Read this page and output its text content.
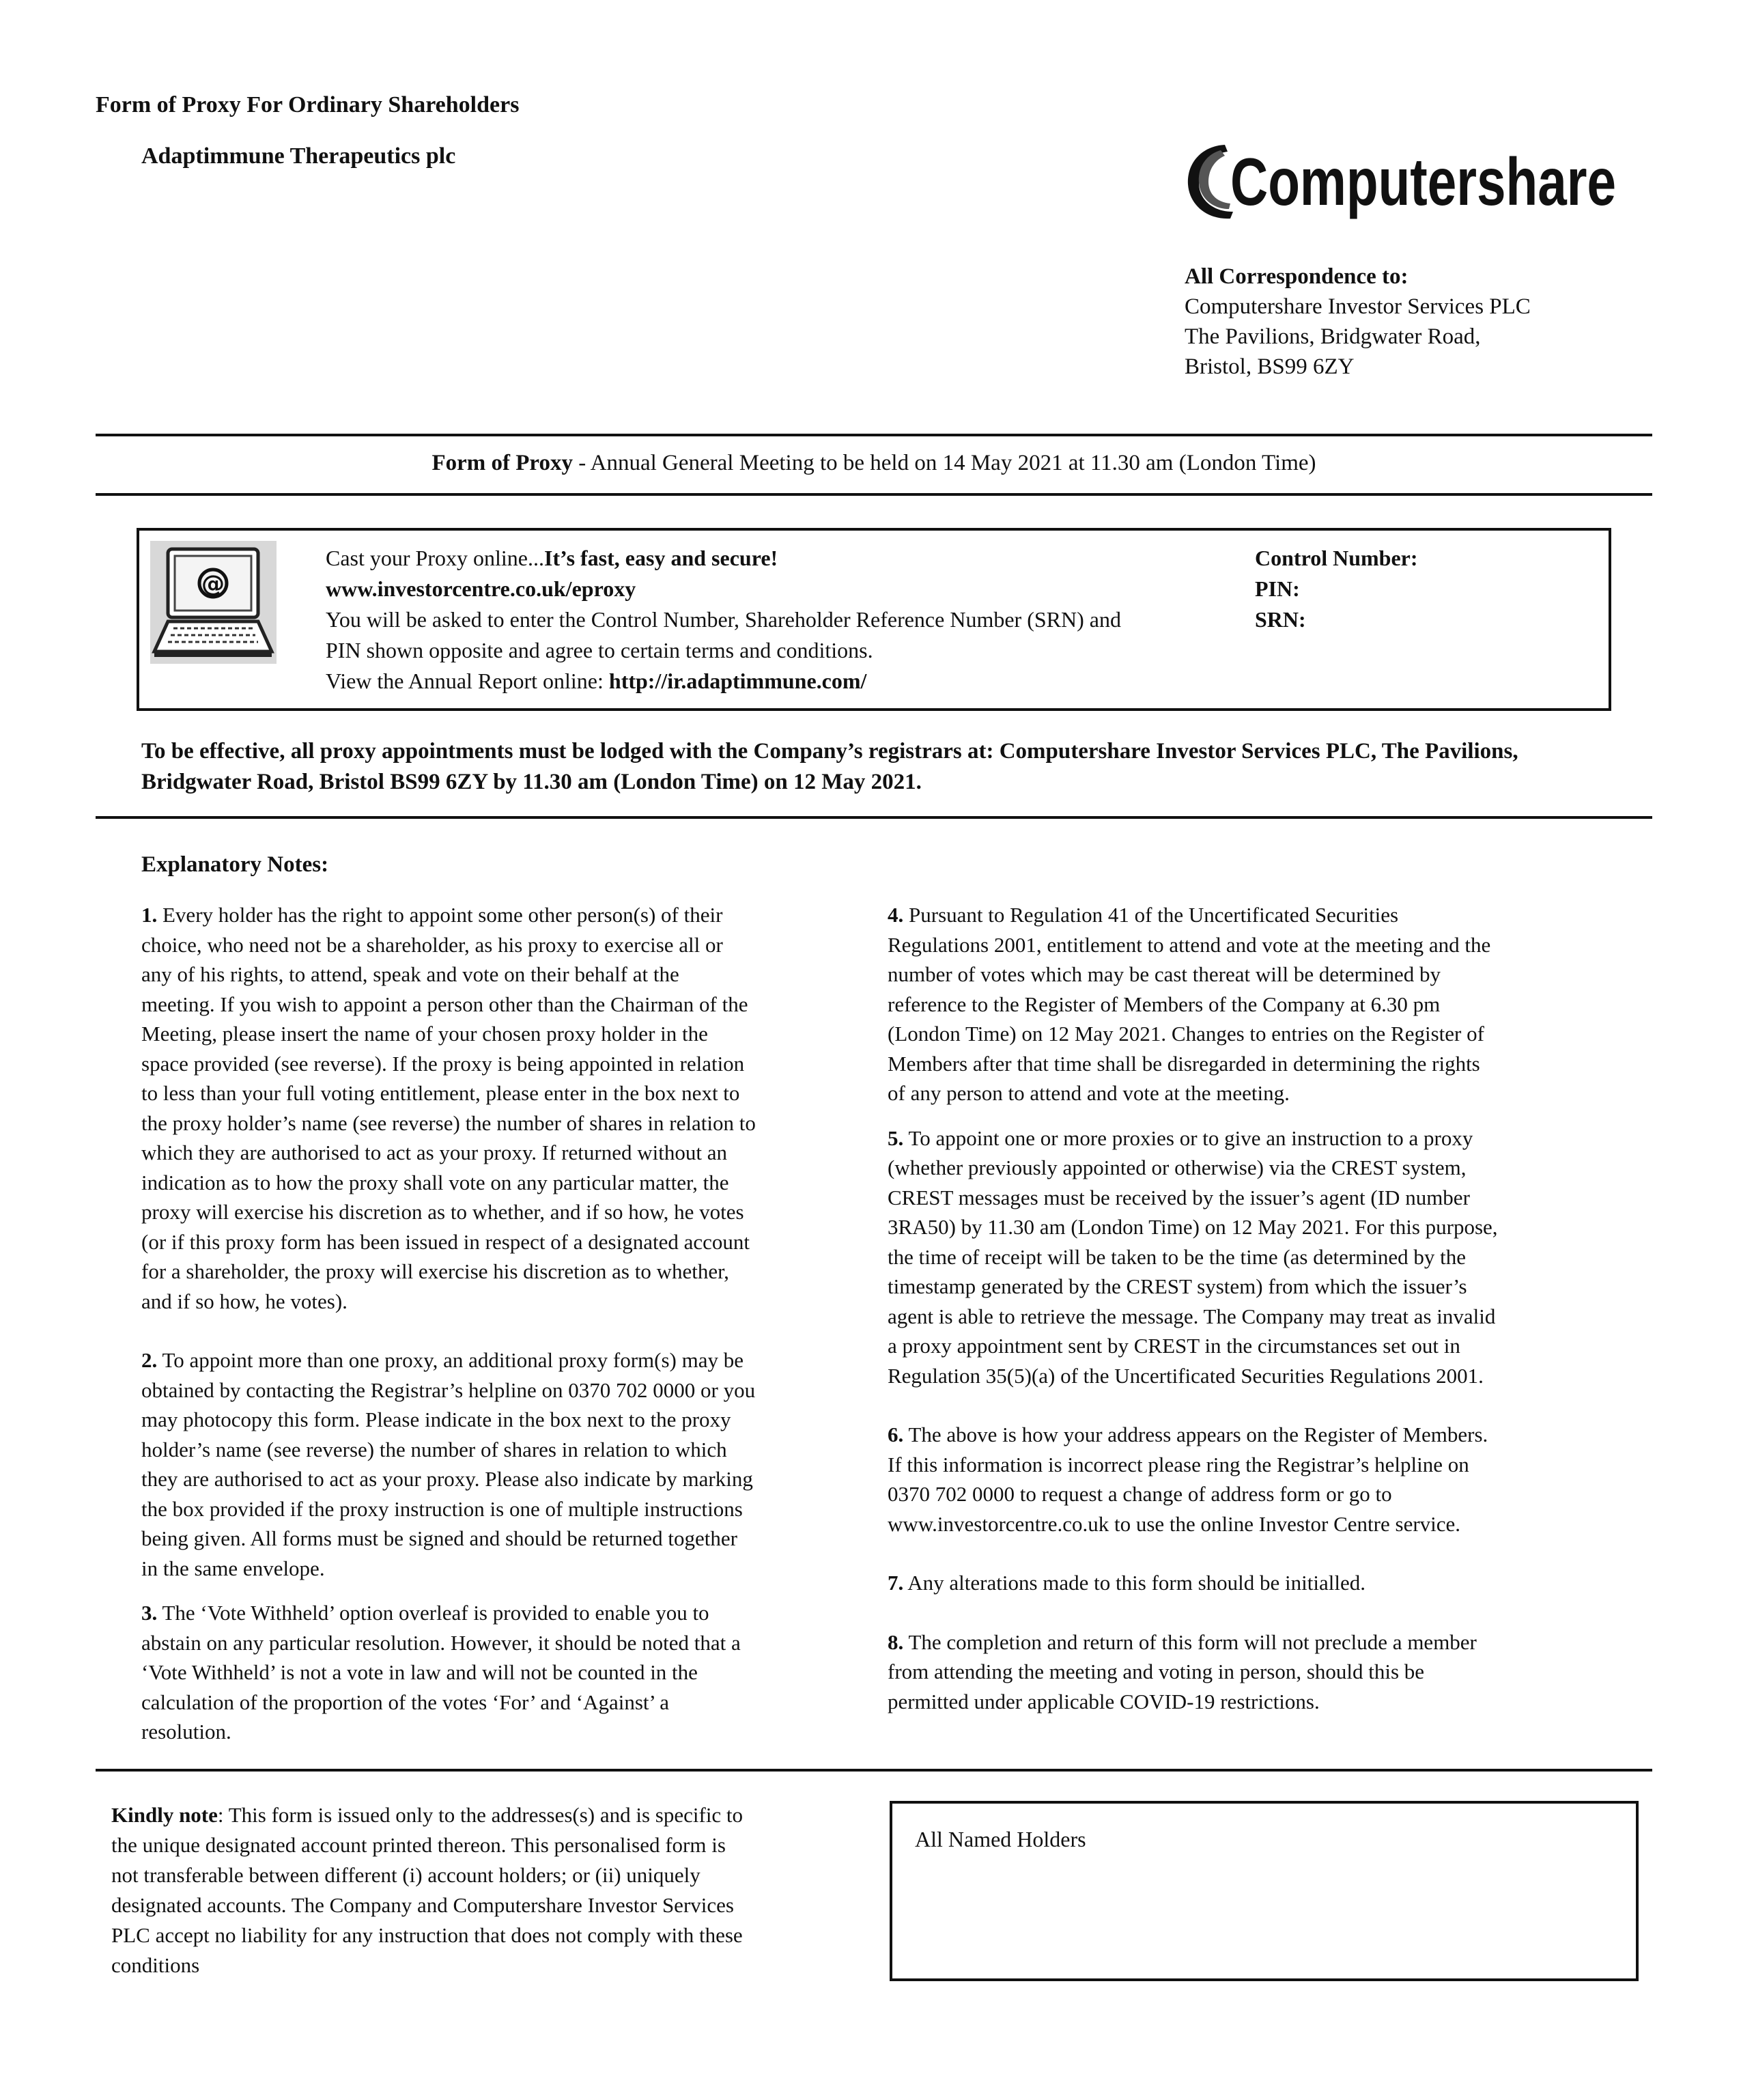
Form of Proxy For Ordinary Shareholders
Adaptimmune Therapeutics plc	Computershare
All Correspondence to:
Computershare Investor Services PLC
The Pavilions, Bridgwater Road,
Bristol, BS99 6ZY
Form of Proxy - Annual General Meeting to be held on 14 May 2021 at 11.30 am (London Time)
@
Cast your Proxy online...It’s fast, easy and secure!
www.investorcentre.co.uk/eproxy
You will be asked to enter the Control Number, Shareholder Reference Number (SRN) and
PIN shown opposite and agree to certain terms and conditions.
View the Annual Report online: http://ir.adaptimmune.com/
Control Number:
PIN:
SRN:
To be effective, all proxy appointments must be lodged with the Company’s registrars at: Computershare Investor Services PLC, The Pavilions,
Bridgwater Road, Bristol BS99 6ZY by 11.30 am (London Time) on 12 May 2021.
Explanatory Notes:

1. Every holder has the right to appoint some other person(s) of their
choice, who need not be a shareholder, as his proxy to exercise all or
any of his rights, to attend, speak and vote on their behalf at the
meeting. If you wish to appoint a person other than the Chairman of the
Meeting, please insert the name of your chosen proxy holder in the
space provided (see reverse). If the proxy is being appointed in relation
to less than your full voting entitlement, please enter in the box next to
the proxy holder’s name (see reverse) the number of shares in relation to
which they are authorised to act as your proxy. If returned without an
indication as to how the proxy shall vote on any particular matter, the
proxy will exercise his discretion as to whether, and if so how, he votes
(or if this proxy form has been issued in respect of a designated account
for a shareholder, the proxy will exercise his discretion as to whether,
and if so how, he votes).

2. To appoint more than one proxy, an additional proxy form(s) may be
obtained by contacting the Registrar’s helpline on 0370 702 0000 or you
may photocopy this form. Please indicate in the box next to the proxy
holder’s name (see reverse) the number of shares in relation to which
they are authorised to act as your proxy. Please also indicate by marking
the box provided if the proxy instruction is one of multiple instructions
being given. All forms must be signed and should be returned together
in the same envelope.

3. The ‘Vote Withheld’ option overleaf is provided to enable you to
abstain on any particular resolution. However, it should be noted that a
‘Vote Withheld’ is not a vote in law and will not be counted in the
calculation of the proportion of the votes ‘For’ and ‘Against’ a
resolution.

4. Pursuant to Regulation 41 of the Uncertificated Securities
Regulations 2001, entitlement to attend and vote at the meeting and the
number of votes which may be cast thereat will be determined by
reference to the Register of Members of the Company at 6.30 pm
(London Time) on 12 May 2021. Changes to entries on the Register of
Members after that time shall be disregarded in determining the rights
of any person to attend and vote at the meeting.

5. To appoint one or more proxies or to give an instruction to a proxy
(whether previously appointed or otherwise) via the CREST system,
CREST messages must be received by the issuer’s agent (ID number
3RA50) by 11.30 am (London Time) on 12 May 2021. For this purpose,
the time of receipt will be taken to be the time (as determined by the
timestamp generated by the CREST system) from which the issuer’s
agent is able to retrieve the message. The Company may treat as invalid
a proxy appointment sent by CREST in the circumstances set out in
Regulation 35(5)(a) of the Uncertificated Securities Regulations 2001.

6. The above is how your address appears on the Register of Members.
If this information is incorrect please ring the Registrar’s helpline on
0370 702 0000 to request a change of address form or go to
www.investorcentre.co.uk to use the online Investor Centre service.

7. Any alterations made to this form should be initialled.

8. The completion and return of this form will not preclude a member
from attending the meeting and voting in person, should this be
permitted under applicable COVID-19 restrictions.

Kindly note: This form is issued only to the addresses(s) and is specific to
the unique designated account printed thereon. This personalised form is
not transferable between different (i) account holders; or (ii) uniquely
designated accounts. The Company and Computershare Investor Services
PLC accept no liability for any instruction that does not comply with these
conditions
All Named Holders
